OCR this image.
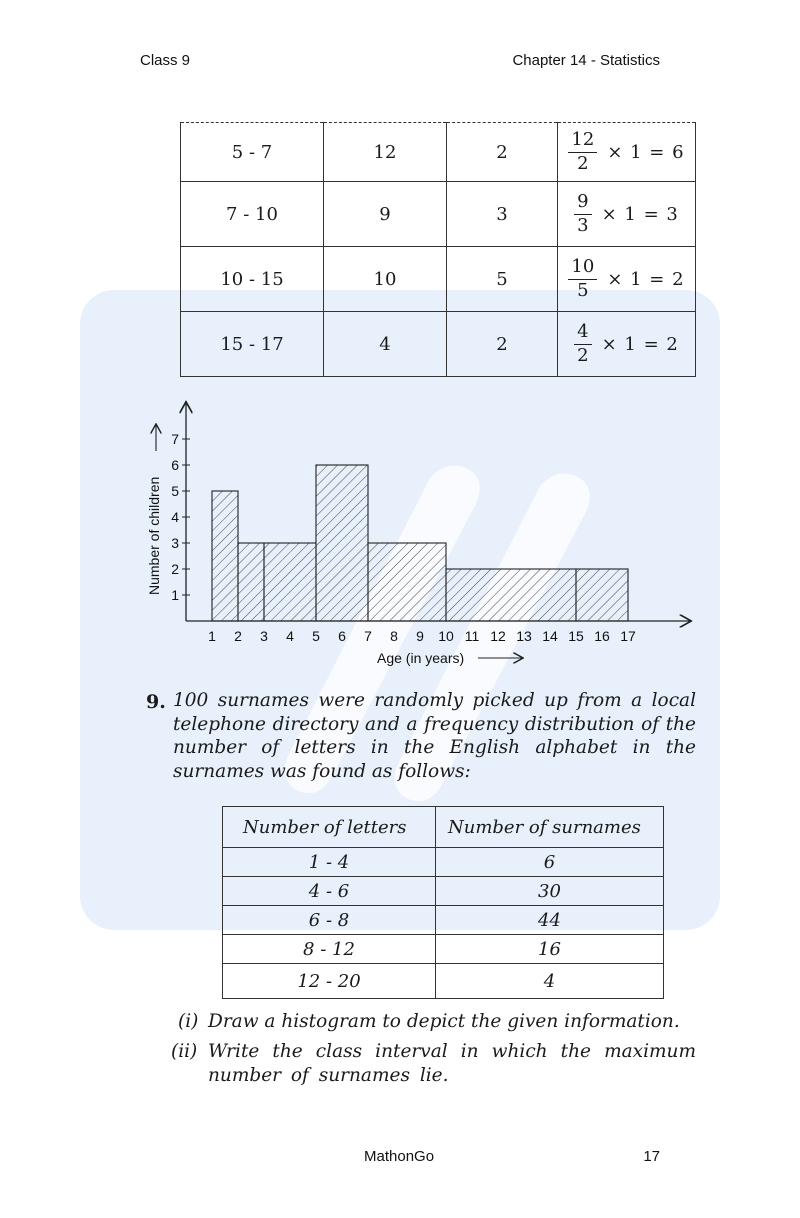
Class 9	Chapter 14 - Statistics
5 - 7	12	2	$\frac{12}{2} \times 1 = 6$
7 - 10	9	3	$\frac{9}{3} \times 1 = 3$
10 - 15	10	5	$\frac{10}{5} \times 1 = 2$
15 - 17	4	2	$\frac{4}{2} \times 1 = 2$
1 2 3 4 5 6 7 8 9 10 11 12 13 14 15 16 17
1
2
3
4
5
6
7
Number of children
Age (in years)
9. 100 surnames were randomly picked up from a local telephone directory and a frequency distribution of the number of letters in the English alphabet in the surnames was found as follows:
Number of letters	Number of surnames
1 - 4	6
4 - 6	30
6 - 8	44
8 - 12	16
12 - 20	4
(i) Draw a histogram to depict the given information.
(ii) Write the class interval in which the maximum number of surnames lie.
MathonGo	17
